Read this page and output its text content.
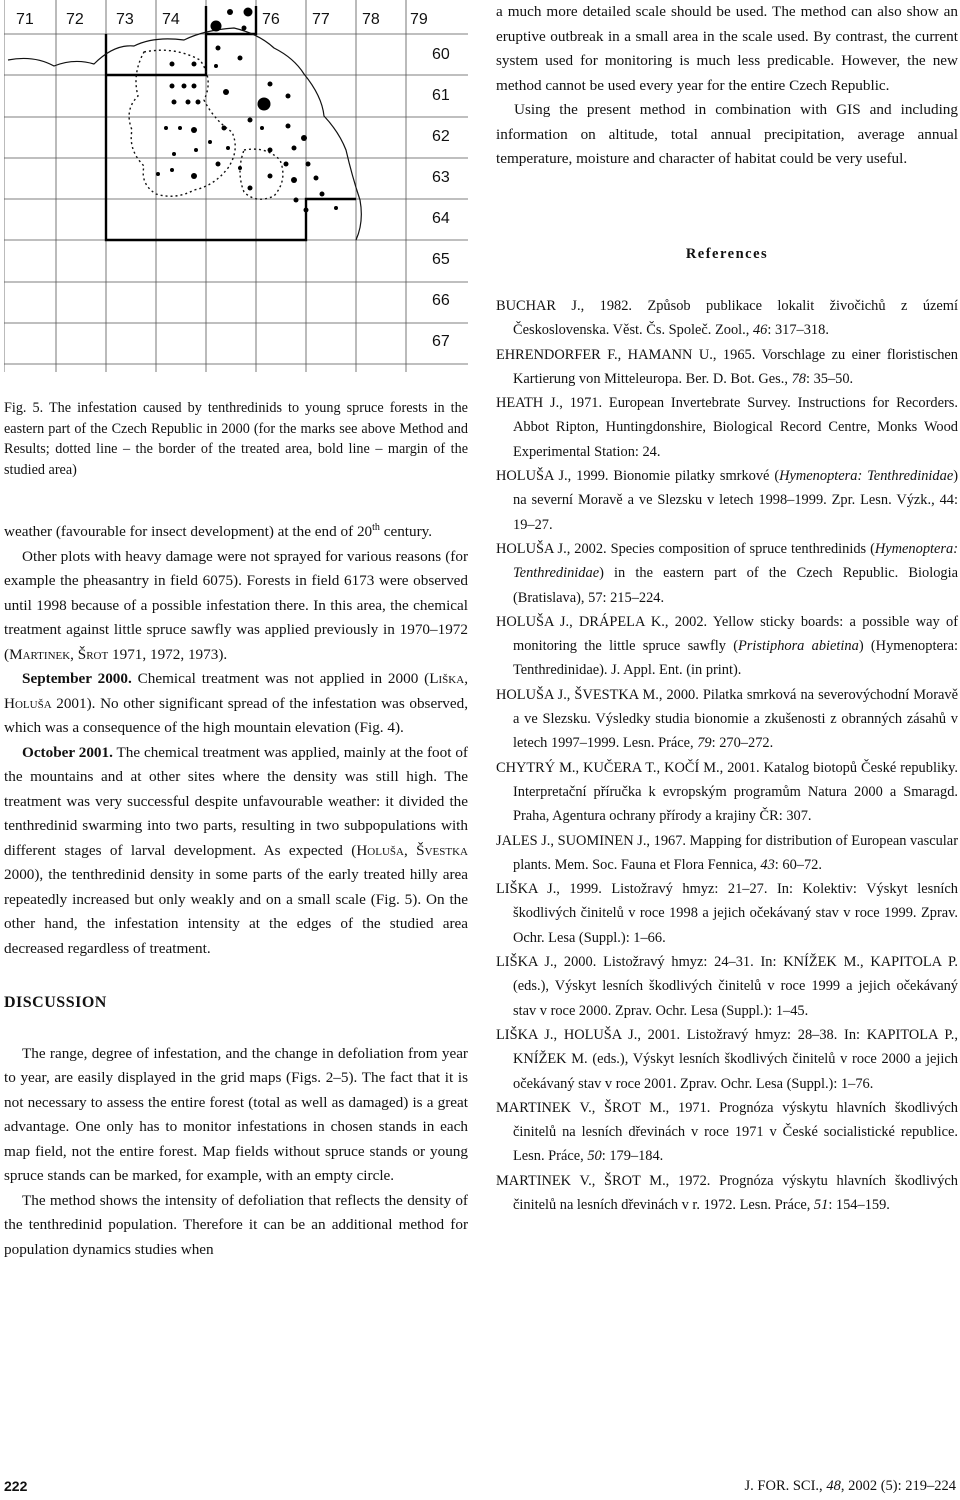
71 72 73 74	76 77 78 79
60
61
62
63
64
65
66
67
Fig. 5. The infestation caused by tenthredinids to young spruce forests in the eastern part of the Czech Republic in 2000 (for the marks see above Method and Results; dotted line – the border of the treated area, bold line – margin of the studied area)

weather (favourable for insect development) at the end of 20th century.

Other plots with heavy damage were not sprayed for various reasons (for example the pheasantry in field 6075). Forests in field 6173 were observed until 1998 because of a possible infestation there. In this area, the chemical treatment against little spruce sawfly was applied previously in 1970–1972 (Martinek, Šrot 1971, 1972, 1973).

September 2000. Chemical treatment was not applied in 2000 (Liška, Holuša 2001). No other significant spread of the infestation was observed, which was a consequence of the high mountain elevation (Fig. 4).

October 2001. The chemical treatment was applied, mainly at the foot of the mountains and at other sites where the density was still high. The treatment was very successful despite unfavourable weather: it divided the tenthredinid swarming into two parts, resulting in two subpopulations with different stages of larval development. As expected (Holuša, Švestka 2000), the tenthredinid density in some parts of the early treated hilly area repeatedly increased but only weakly and on a small scale (Fig. 5). On the other hand, the infestation intensity at the edges of the studied area decreased regardless of treatment.

DISCUSSION

The range, degree of infestation, and the change in defoliation from year to year, are easily displayed in the grid maps (Figs. 2–5). The fact that it is not necessary to assess the entire forest (total as well as damaged) is a great advantage. One only has to monitor infestations in chosen stands in each map field, not the entire forest. Map fields without spruce stands or young spruce stands can be marked, for example, with an empty circle.

The method shows the intensity of defoliation that reflects the density of the tenthredinid population. Therefore it can be an additional method for population dynamics studies when

a much more detailed scale should be used. The method can also show an eruptive outbreak in a small area in the scale used. By contrast, the current system used for monitoring is much less predicable. However, the new method cannot be used every year for the entire Czech Republic.

Using the present method in combination with GIS and including information on altitude, total annual precipitation, average annual temperature, moisture and character of habitat could be very useful.

References

BUCHAR J., 1982. Způsob publikace lokalit živočichů z území Československa. Věst. Čs. Společ. Zool., 46: 317–318.

EHRENDORFER F., HAMANN U., 1965. Vorschlage zu einer floristischen Kartierung von Mitteleuropa. Ber. D. Bot. Ges., 78: 35–50.

HEATH J., 1971. European Invertebrate Survey. Instructions for Recorders. Abbot Ripton, Huntingdonshire, Biological Record Centre, Monks Wood Experimental Station: 24.

HOLUŠA J., 1999. Bionomie pilatky smrkové (Hymenoptera: Tenthredinidae) na severní Moravě a ve Slezsku v letech 1998–1999. Zpr. Lesn. Výzk., 44: 19–27.

HOLUŠA J., 2002. Species composition of spruce tenthredinids (Hymenoptera: Tenthredinidae) in the eastern part of the Czech Republic. Biologia (Bratislava), 57: 215–224.

HOLUŠA J., DRÁPELA K., 2002. Yellow sticky boards: a possible way of monitoring the little spruce sawfly (Pristiphora abietina) (Hymenoptera: Tenthredinidae). J. Appl. Ent. (in print).

HOLUŠA J., ŠVESTKA M., 2000. Pilatka smrková na severovýchodní Moravě a ve Slezsku. Výsledky studia bionomie a zkušenosti z obranných zásahů v letech 1997–1999. Lesn. Práce, 79: 270–272.

CHYTRÝ M., KUČERA T., KOČÍ M., 2001. Katalog biotopů České republiky. Interpretační příručka k evropským programům Natura 2000 a Smaragd. Praha, Agentura ochrany přírody a krajiny ČR: 307.

JALES J., SUOMINEN J., 1967. Mapping for distribution of European vascular plants. Mem. Soc. Fauna et Flora Fennica, 43: 60–72.

LIŠKA J., 1999. Listožravý hmyz: 21–27. In: Kolektiv: Výskyt lesních škodlivých činitelů v roce 1998 a jejich očekávaný stav v roce 1999. Zprav. Ochr. Lesa (Suppl.): 1–66.

LIŠKA J., 2000. Listožravý hmyz: 24–31. In: KNÍŽEK M., KAPITOLA P. (eds.), Výskyt lesních škodlivých činitelů v roce 1999 a jejich očekávaný stav v roce 2000. Zprav. Ochr. Lesa (Suppl.): 1–45.

LIŠKA J., HOLUŠA J., 2001. Listožravý hmyz: 28–38. In: KAPITOLA P., KNÍŽEK M. (eds.), Výskyt lesních škodlivých činitelů v roce 2000 a jejich očekávaný stav v roce 2001. Zprav. Ochr. Lesa (Suppl.): 1–76.

MARTINEK V., ŠROT M., 1971. Prognóza výskytu hlavních škodlivých činitelů na lesních dřevinách v roce 1971 v České socialistické republice. Lesn. Práce, 50: 179–184.

MARTINEK V., ŠROT M., 1972. Prognóza výskytu hlavních škodlivých činitelů na lesních dřevinách v r. 1972. Lesn. Práce, 51: 154–159.

222	J. FOR. SCI., 48, 2002 (5): 219–224
